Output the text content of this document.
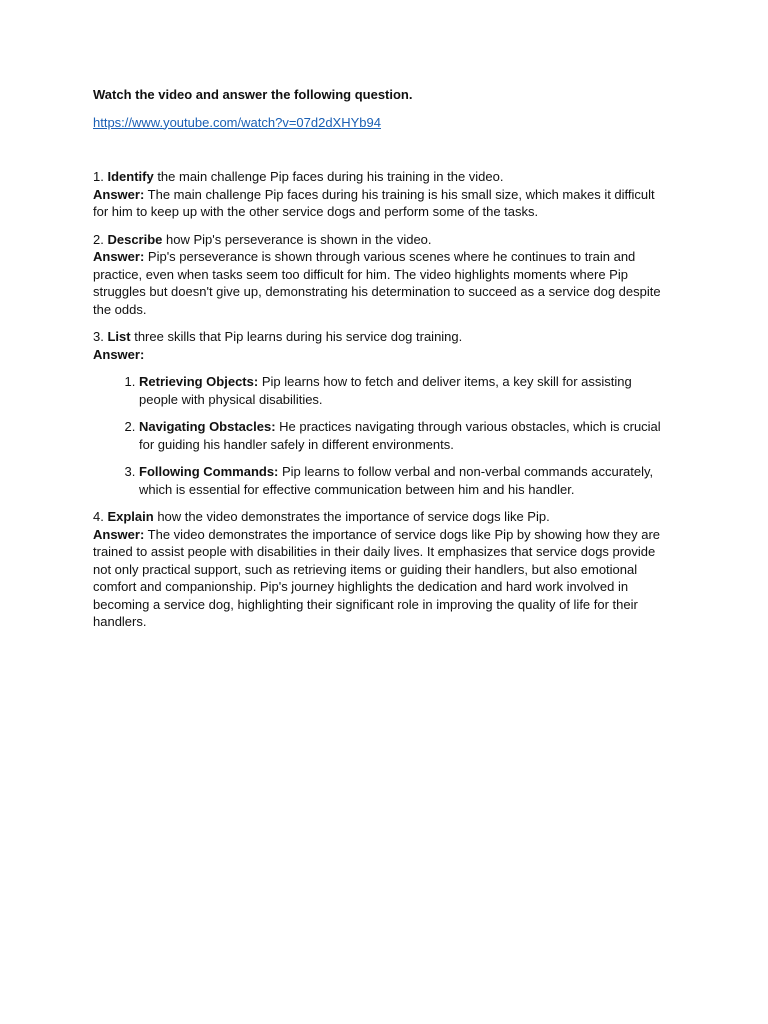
Watch the video and answer the following question.

https://www.youtube.com/watch?v=07d2dXHYb94

1. Identify the main challenge Pip faces during his training in the video.
Answer: The main challenge Pip faces during his training is his small size, which makes it difficult for him to keep up with the other service dogs and perform some of the tasks.

2. Describe how Pip's perseverance is shown in the video.
Answer: Pip's perseverance is shown through various scenes where he continues to train and practice, even when tasks seem too difficult for him. The video highlights moments where Pip struggles but doesn't give up, demonstrating his determination to succeed as a service dog despite the odds.

3. List three skills that Pip learns during his service dog training.
Answer:

1. Retrieving Objects: Pip learns how to fetch and deliver items, a key skill for assisting people with physical disabilities.
2. Navigating Obstacles: He practices navigating through various obstacles, which is crucial for guiding his handler safely in different environments.
3. Following Commands: Pip learns to follow verbal and non-verbal commands accurately, which is essential for effective communication between him and his handler.

4. Explain how the video demonstrates the importance of service dogs like Pip.
Answer: The video demonstrates the importance of service dogs like Pip by showing how they are trained to assist people with disabilities in their daily lives. It emphasizes that service dogs provide not only practical support, such as retrieving items or guiding their handlers, but also emotional comfort and companionship. Pip's journey highlights the dedication and hard work involved in becoming a service dog, highlighting their significant role in improving the quality of life for their handlers.
